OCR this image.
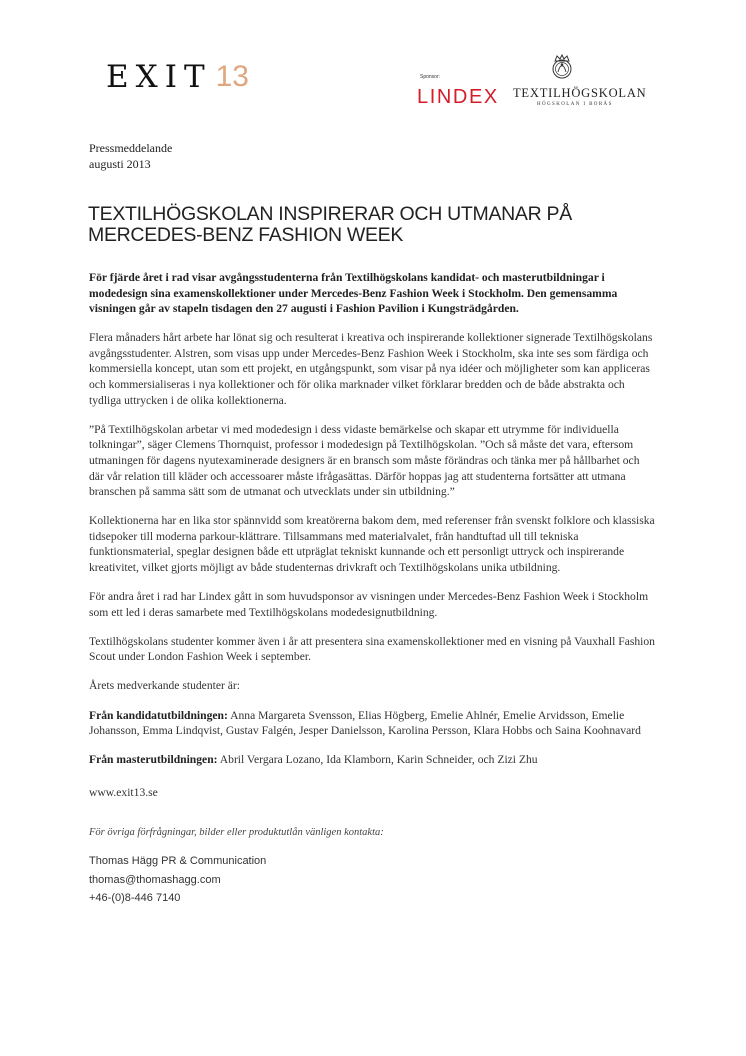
EXIT 13	Sponsor:
LINDEX TEXTILHÖGSKOLAN
HÖGSKOLAN I BORÅS
Pressmeddelande
augusti 2013
TEXTILHÖGSKOLAN INSPIRERAR OCH UTMANAR PÅ MERCEDES-BENZ FASHION WEEK

För fjärde året i rad visar avgångsstudenterna från Textilhögskolans kandidat- och masterutbildningar i modedesign sina examenskollektioner under Mercedes-Benz Fashion Week i Stockholm. Den gemensamma visningen går av stapeln tisdagen den 27 augusti i Fashion Pavilion i Kungsträdgården.

Flera månaders hårt arbete har lönat sig och resulterat i kreativa och inspirerande kollektioner signerade Textilhögskolans avgångsstudenter. Alstren, som visas upp under Mercedes-Benz Fashion Week i Stockholm, ska inte ses som färdiga och kommersiella koncept, utan som ett projekt, en utgångspunkt, som visar på nya idéer och möjligheter som kan appliceras och kommersialiseras i nya kollektioner och för olika marknader vilket förklarar bredden och de både abstrakta och tydliga uttrycken i de olika kollektionerna.

”På Textilhögskolan arbetar vi med modedesign i dess vidaste bemärkelse och skapar ett utrymme för individuella tolkningar”, säger Clemens Thornquist, professor i modedesign på Textilhögskolan. ”Och så måste det vara, eftersom utmaningen för dagens nyutexaminerade designers är en bransch som måste förändras och tänka mer på hållbarhet och där vår relation till kläder och accessoarer måste ifrågasättas. Därför hoppas jag att studenterna fortsätter att utmana branschen på samma sätt som de utmanat och utvecklats under sin utbildning.”

Kollektionerna har en lika stor spännvidd som kreatörerna bakom dem, med referenser från svenskt folklore och klassiska tidsepoker till moderna parkour-klättrare. Tillsammans med materialvalet, från handtuftad ull till tekniska funktionsmaterial, speglar designen både ett utpräglat tekniskt kunnande och ett personligt uttryck och inspirerande kreativitet, vilket gjorts möjligt av både studenternas drivkraft och Textilhögskolans unika utbildning.

För andra året i rad har Lindex gått in som huvudsponsor av visningen under Mercedes-Benz Fashion Week i Stockholm som ett led i deras samarbete med Textilhögskolans modedesignutbildning.

Textilhögskolans studenter kommer även i år att presentera sina examenskollektioner med en visning på Vauxhall Fashion Scout under London Fashion Week i september.

Årets medverkande studenter är:

Från kandidatutbildningen: Anna Margareta Svensson, Elias Högberg, Emelie Ahlnér, Emelie Arvidsson, Emelie Johansson, Emma Lindqvist, Gustav Falgén, Jesper Danielsson, Karolina Persson, Klara Hobbs och Saina Koohnavard

Från masterutbildningen: Abril Vergara Lozano, Ida Klamborn, Karin Schneider, och Zizi Zhu

www.exit13.se
För övriga förfrågningar, bilder eller produktutlån vänligen kontakta:
Thomas Hägg PR & Communication
thomas@thomashagg.com
+46-(0)8-446 7140
